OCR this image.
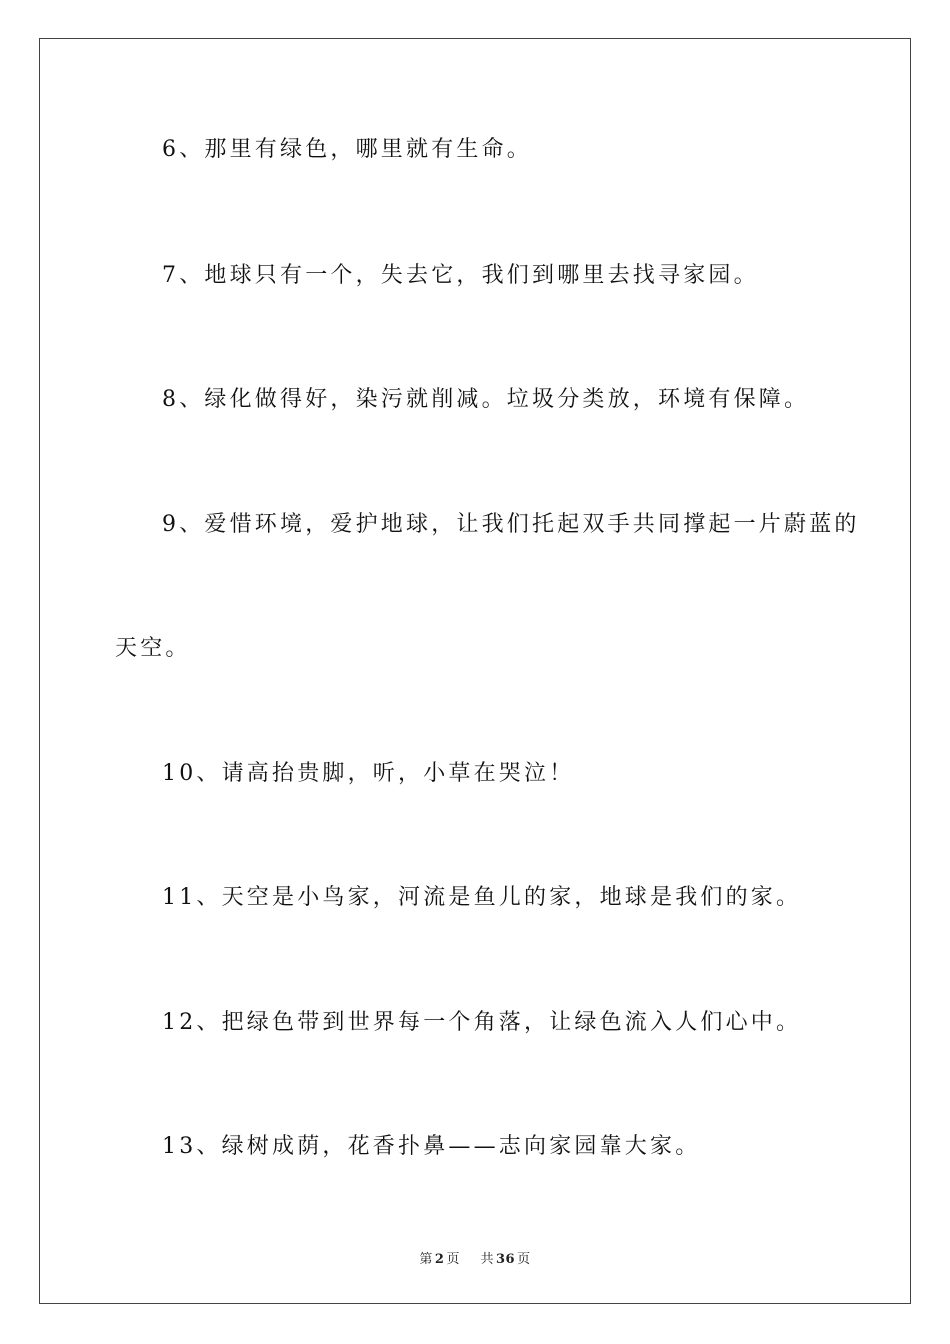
6、那里有绿色，哪里就有生命。
7、地球只有一个，失去它，我们到哪里去找寻家园。
8、绿化做得好，染污就削减。垃圾分类放，环境有保障。
9、爱惜环境，爱护地球，让我们托起双手共同撑起一片蔚蓝的
天空。
10、请高抬贵脚，听，小草在哭泣！
11、天空是小鸟家，河流是鱼儿的家，地球是我们的家。
12、把绿色带到世界每一个角落，让绿色流入人们心中。
13、绿树成荫，花香扑鼻——志向家园靠大家。
第 2 页 共 36 页
